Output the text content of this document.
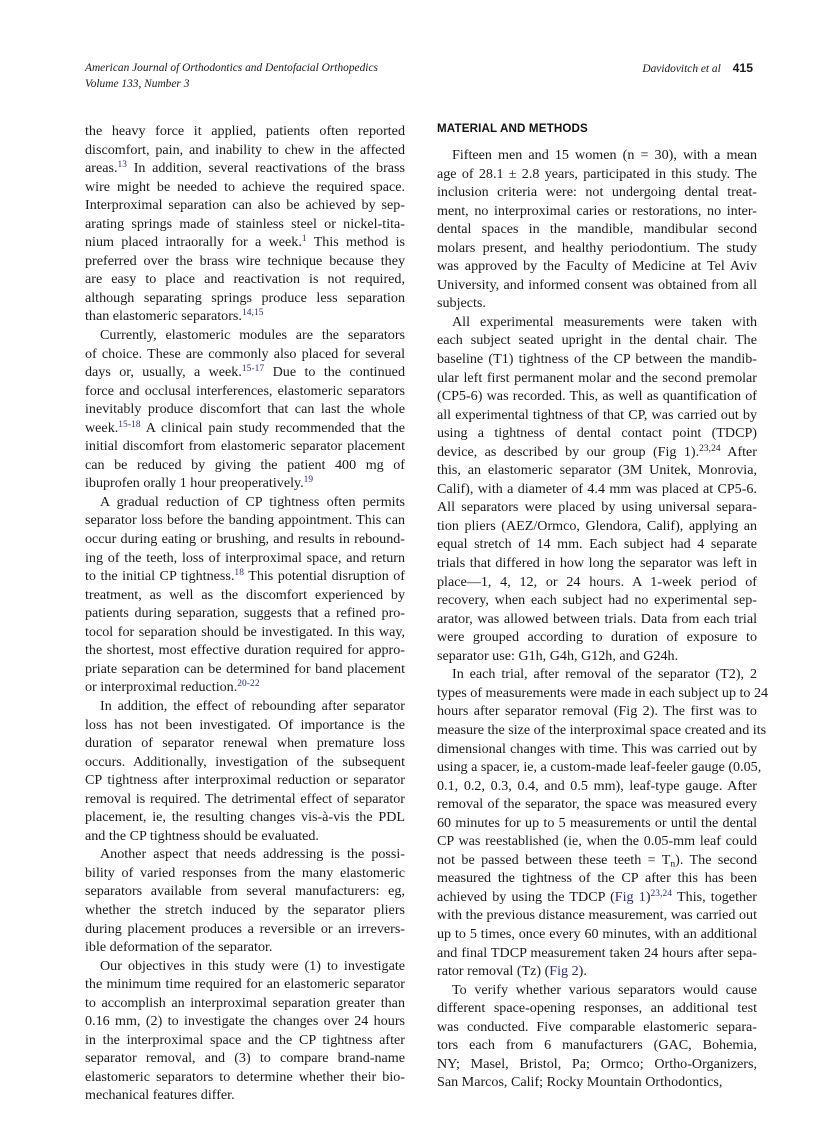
American Journal of Orthodontics and Dentofacial Orthopedics
Volume 133, Number 3
Davidovitch et al 415

the heavy force it applied, patients often reported
discomfort, pain, and inability to chew in the affected
areas.$^{13}$ In addition, several reactivations of the brass
wire might be needed to achieve the required space.
Interproximal separation can also be achieved by sep-
arating springs made of stainless steel or nickel-tita-
nium placed intraorally for a week.$^1$ This method is
preferred over the brass wire technique because they
are easy to place and reactivation is not required,
although separating springs produce less separation
than elastomeric separators.$^{14,15}$

Currently, elastomeric modules are the separators
of choice. These are commonly also placed for several
days or, usually, a week.$^{15-17}$ Due to the continued
force and occlusal interferences, elastomeric separators
inevitably produce discomfort that can last the whole
week.$^{15-18}$ A clinical pain study recommended that the
initial discomfort from elastomeric separator placement
can be reduced by giving the patient 400 mg of
ibuprofen orally 1 hour preoperatively.$^{19}$

A gradual reduction of CP tightness often permits
separator loss before the banding appointment. This can
occur during eating or brushing, and results in rebound-
ing of the teeth, loss of interproximal space, and return
to the initial CP tightness.$^{18}$ This potential disruption of
treatment, as well as the discomfort experienced by
patients during separation, suggests that a refined pro-
tocol for separation should be investigated. In this way,
the shortest, most effective duration required for appro-
priate separation can be determined for band placement
or interproximal reduction.$^{20-22}$

In addition, the effect of rebounding after separator
loss has not been investigated. Of importance is the
duration of separator renewal when premature loss
occurs. Additionally, investigation of the subsequent
CP tightness after interproximal reduction or separator
removal is required. The detrimental effect of separator
placement, ie, the resulting changes vis-à-vis the PDL
and the CP tightness should be evaluated.

Another aspect that needs addressing is the possi-
bility of varied responses from the many elastomeric
separators available from several manufacturers: eg,
whether the stretch induced by the separator pliers
during placement produces a reversible or an irrevers-
ible deformation of the separator.

Our objectives in this study were (1) to investigate
the minimum time required for an elastomeric separator
to accomplish an interproximal separation greater than
0.16 mm, (2) to investigate the changes over 24 hours
in the interproximal space and the CP tightness after
separator removal, and (3) to compare brand-name
elastomeric separators to determine whether their bio-
mechanical features differ.

MATERIAL AND METHODS

Fifteen men and 15 women (n = 30), with a mean
age of 28.1 ± 2.8 years, participated in this study. The
inclusion criteria were: not undergoing dental treat-
ment, no interproximal caries or restorations, no inter-
dental spaces in the mandible, mandibular second
molars present, and healthy periodontium. The study
was approved by the Faculty of Medicine at Tel Aviv
University, and informed consent was obtained from all
subjects.

All experimental measurements were taken with
each subject seated upright in the dental chair. The
baseline (T1) tightness of the CP between the mandib-
ular left first permanent molar and the second premolar
(CP5-6) was recorded. This, as well as quantification of
all experimental tightness of that CP, was carried out by
using a tightness of dental contact point (TDCP)
device, as described by our group (Fig 1).$^{23,24}$ After
this, an elastomeric separator (3M Unitek, Monrovia,
Calif), with a diameter of 4.4 mm was placed at CP5-6.
All separators were placed by using universal separa-
tion pliers (AEZ/Ormco, Glendora, Calif), applying an
equal stretch of 14 mm. Each subject had 4 separate
trials that differed in how long the separator was left in
place—1, 4, 12, or 24 hours. A 1-week period of
recovery, when each subject had no experimental sep-
arator, was allowed between trials. Data from each trial
were grouped according to duration of exposure to
separator use: G1h, G4h, G12h, and G24h.

In each trial, after removal of the separator (T2), 2
types of measurements were made in each subject up to 24
hours after separator removal (Fig 2). The first was to
measure the size of the interproximal space created and its
dimensional changes with time. This was carried out by
using a spacer, ie, a custom-made leaf-feeler gauge (0.05,
0.1, 0.2, 0.3, 0.4, and 0.5 mm), leaf-type gauge. After
removal of the separator, the space was measured every
60 minutes for up to 5 measurements or until the dental
CP was reestablished (ie, when the 0.05-mm leaf could
not be passed between these teeth = $T_n$). The second
measured the tightness of the CP after this has been
achieved by using the TDCP (Fig 1)$^{23,24}$ This, together
with the previous distance measurement, was carried out
up to 5 times, once every 60 minutes, with an additional
and final TDCP measurement taken 24 hours after sepa-
rator removal (Tz) (Fig 2).

To verify whether various separators would cause
different space-opening responses, an additional test
was conducted. Five comparable elastomeric separa-
tors each from 6 manufacturers (GAC, Bohemia,
NY; Masel, Bristol, Pa; Ormco; Ortho-Organizers,
San Marcos, Calif; Rocky Mountain Orthodontics,
